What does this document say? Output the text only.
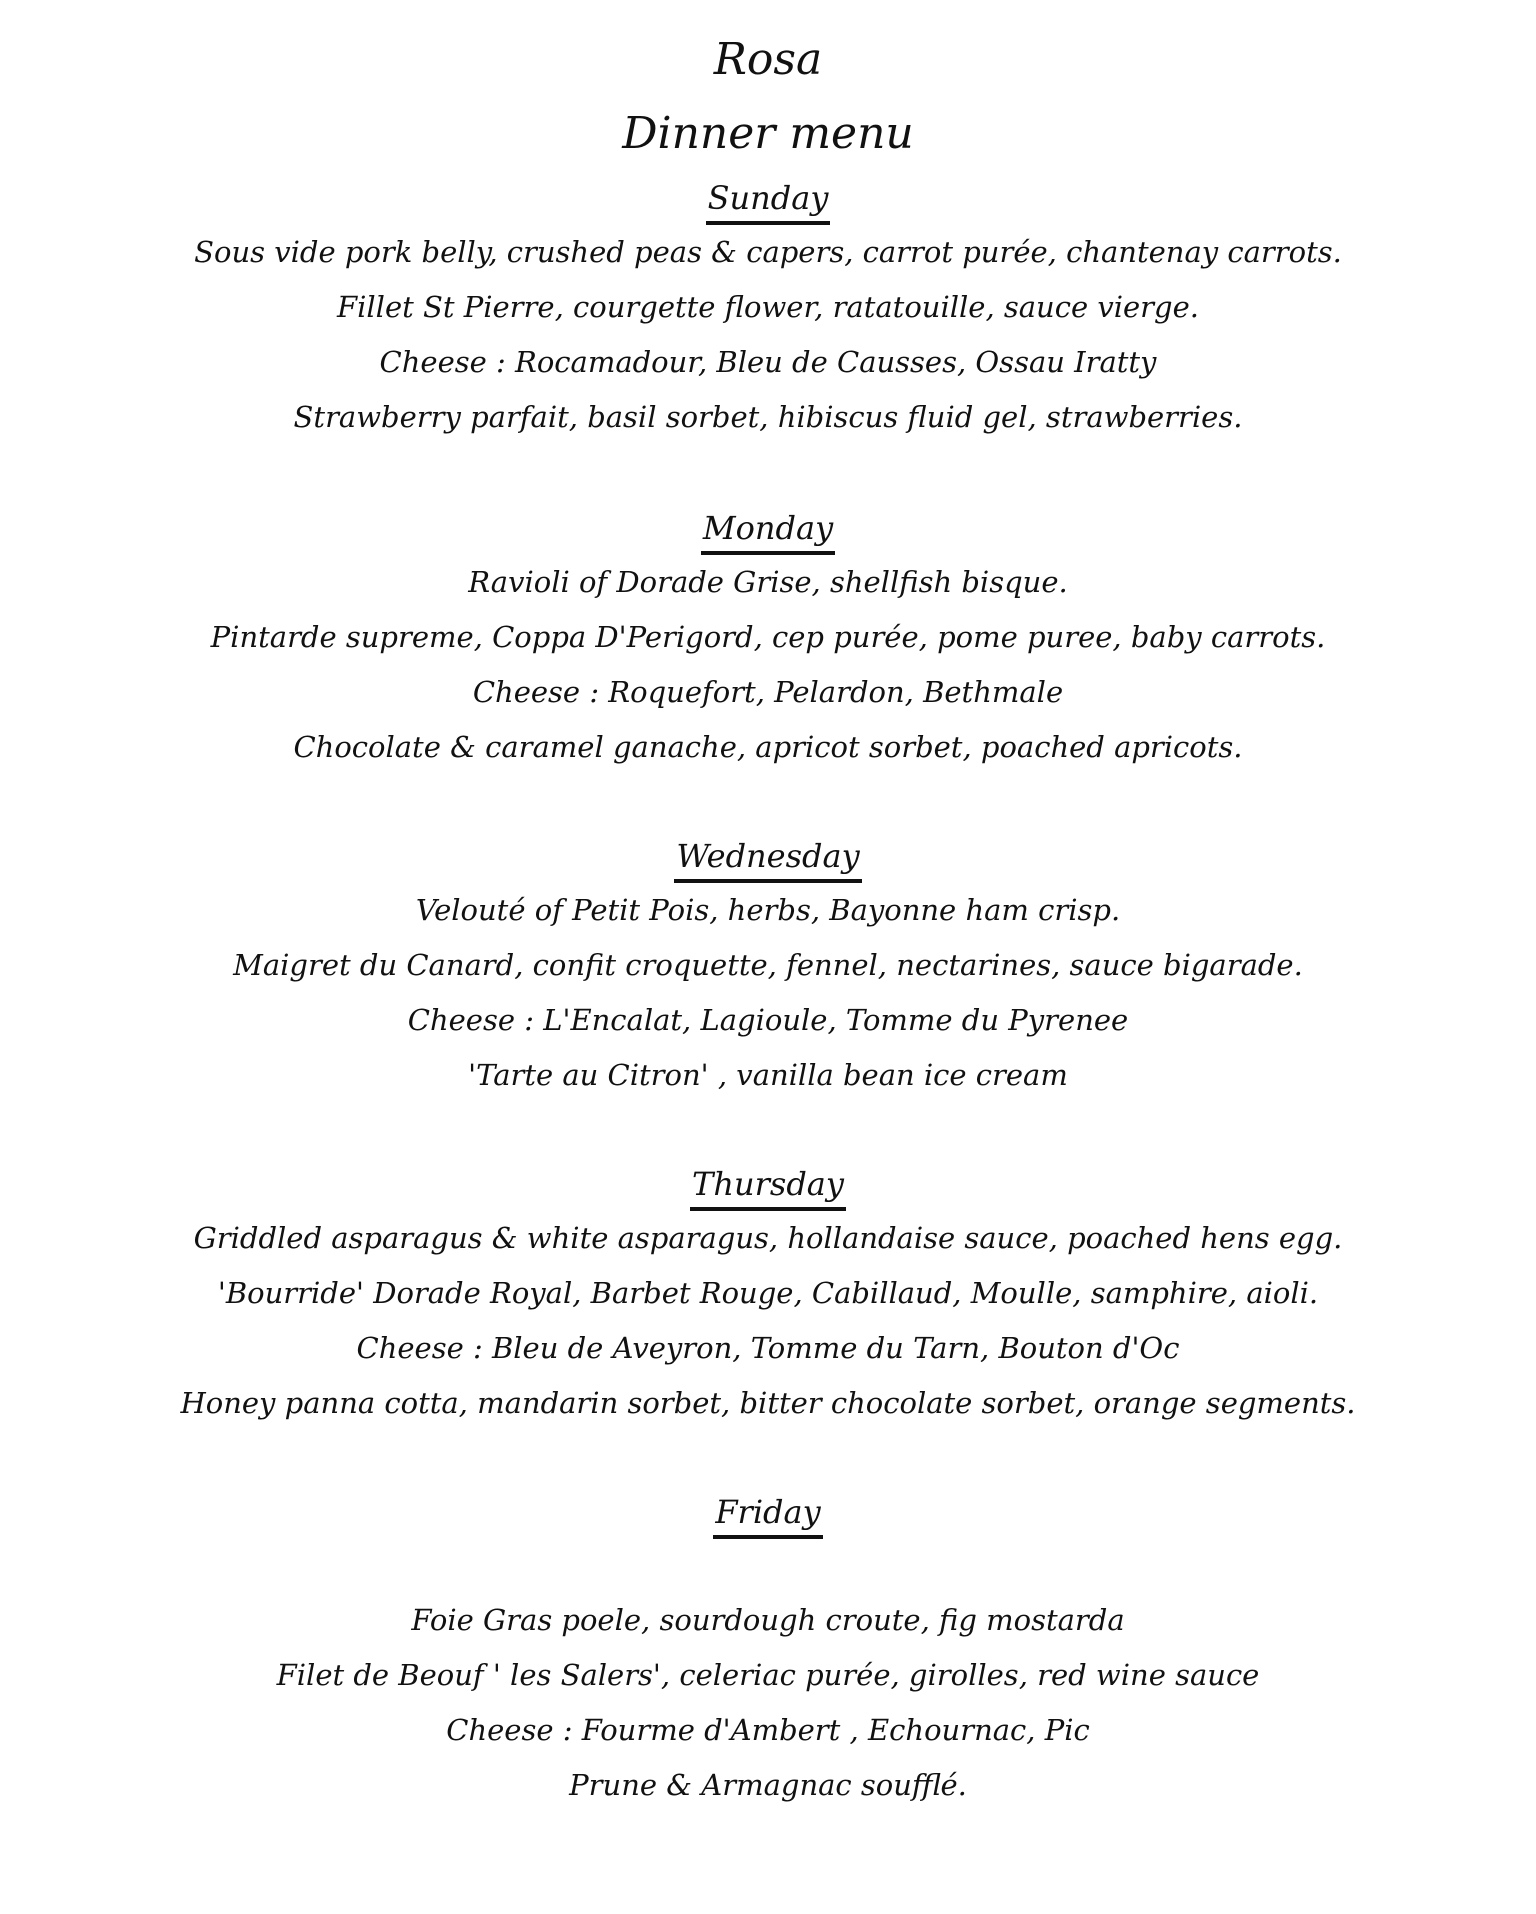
Rosa
Dinner menu
Sunday

Sous vide pork belly, crushed peas & capers, carrot purée, chantenay carrots.

Fillet St Pierre, courgette flower, ratatouille, sauce vierge.

Cheese : Rocamadour, Bleu de Causses, Ossau Iratty

Strawberry parfait, basil sorbet, hibiscus fluid gel, strawberries.

Monday

Ravioli of Dorade Grise, shellfish bisque.

Pintarde supreme, Coppa D'Perigord, cep purée, pome puree, baby carrots.

Cheese : Roquefort, Pelardon, Bethmale

Chocolate & caramel ganache, apricot sorbet, poached apricots.

Wednesday

Velouté of Petit Pois, herbs, Bayonne ham crisp.

Maigret du Canard, confit croquette, fennel, nectarines, sauce bigarade.

Cheese : L'Encalat, Lagioule, Tomme du Pyrenee

'Tarte au Citron' , vanilla bean ice cream

Thursday

Griddled asparagus & white asparagus, hollandaise sauce, poached hens egg.

'Bourride' Dorade Royal, Barbet Rouge, Cabillaud, Moulle, samphire, aioli.

Cheese : Bleu de Aveyron, Tomme du Tarn, Bouton d'Oc

Honey panna cotta, mandarin sorbet, bitter chocolate sorbet, orange segments.

Friday

Foie Gras poele, sourdough croute, fig mostarda

Filet de Beouf ' les Salers', celeriac purée, girolles, red wine sauce

Cheese : Fourme d'Ambert , Echournac, Pic

Prune & Armagnac soufflé.
